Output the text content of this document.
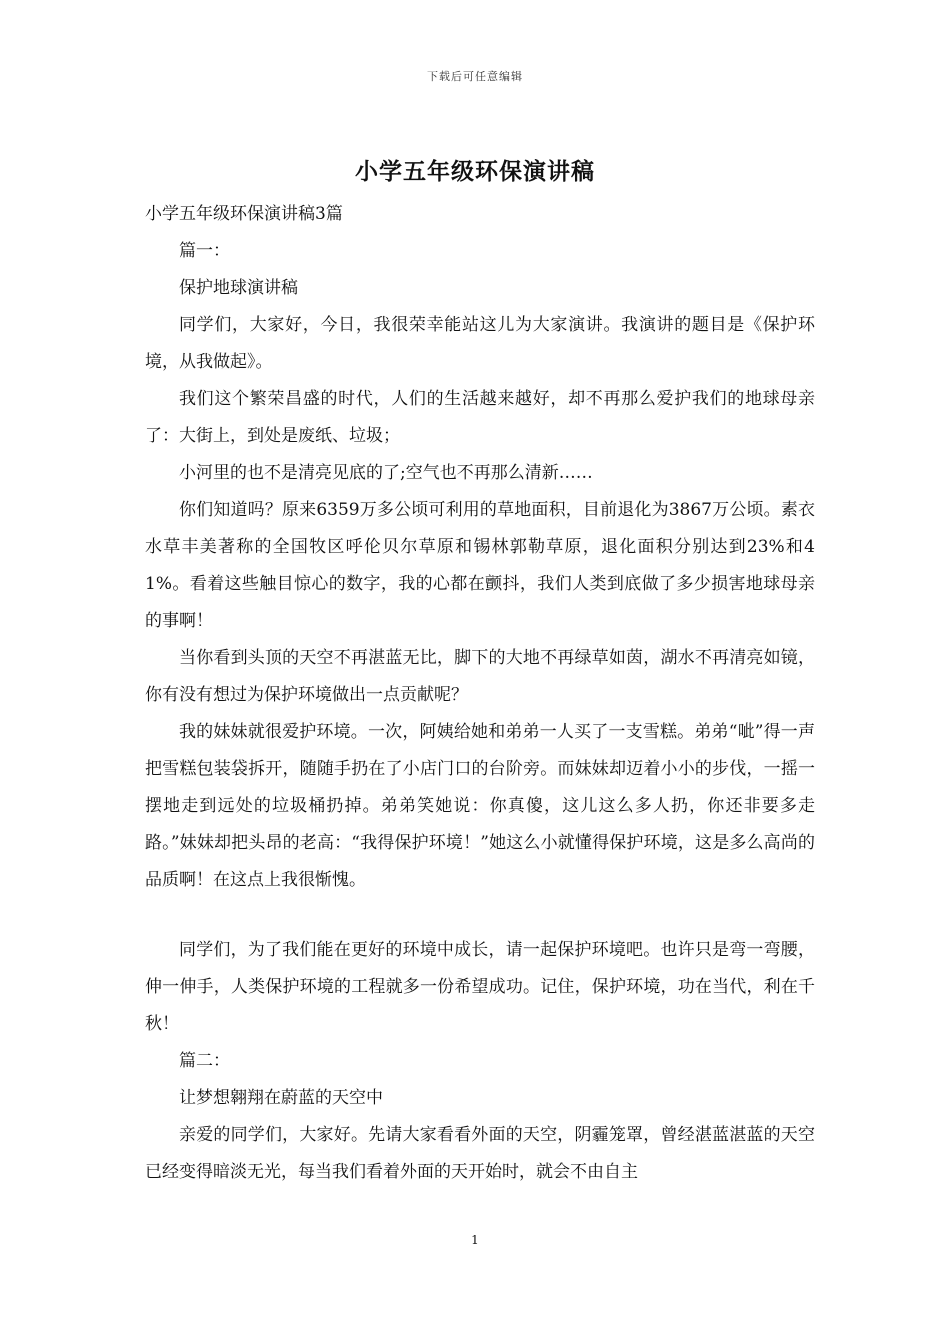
下载后可任意编辑
小学五年级环保演讲稿

小学五年级环保演讲稿3篇

篇一：

保护地球演讲稿

同学们，大家好，今日，我很荣幸能站这儿为大家演讲。我演讲的题目是《保护环境，从我做起》。

我们这个繁荣昌盛的时代，人们的生活越来越好，却不再那么爱护我们的地球母亲了：大街上，到处是废纸、垃圾；

小河里的也不是清亮见底的了;空气也不再那么清新……

你们知道吗？原来6359万多公顷可利用的草地面积，目前退化为3867万公顷。素衣水草丰美著称的全国牧区呼伦贝尔草原和锡林郭勒草原，退化面积分别达到23%和41%。看着这些触目惊心的数字，我的心都在颤抖，我们人类到底做了多少损害地球母亲的事啊！

当你看到头顶的天空不再湛蓝无比，脚下的大地不再绿草如茵，湖水不再清亮如镜，你有没有想过为保护环境做出一点贡献呢？

我的妹妹就很爱护环境。一次，阿姨给她和弟弟一人买了一支雪糕。弟弟“呲”得一声把雪糕包装袋拆开，随随手扔在了小店门口的台阶旁。而妹妹却迈着小小的步伐，一摇一摆地走到远处的垃圾桶扔掉。弟弟笑她说：你真傻，这儿这么多人扔，你还非要多走路。”妹妹却把头昂的老高：“我得保护环境！”她这么小就懂得保护环境，这是多么高尚的品质啊！在这点上我很惭愧。

同学们，为了我们能在更好的环境中成长，请一起保护环境吧。也许只是弯一弯腰，伸一伸手，人类保护环境的工程就多一份希望成功。记住，保护环境，功在当代，利在千秋！

篇二：

让梦想翱翔在蔚蓝的天空中

亲爱的同学们，大家好。先请大家看看外面的天空，阴霾笼罩，曾经湛蓝湛蓝的天空已经变得暗淡无光，每当我们看着外面的天开始时，就会不由自主

1
